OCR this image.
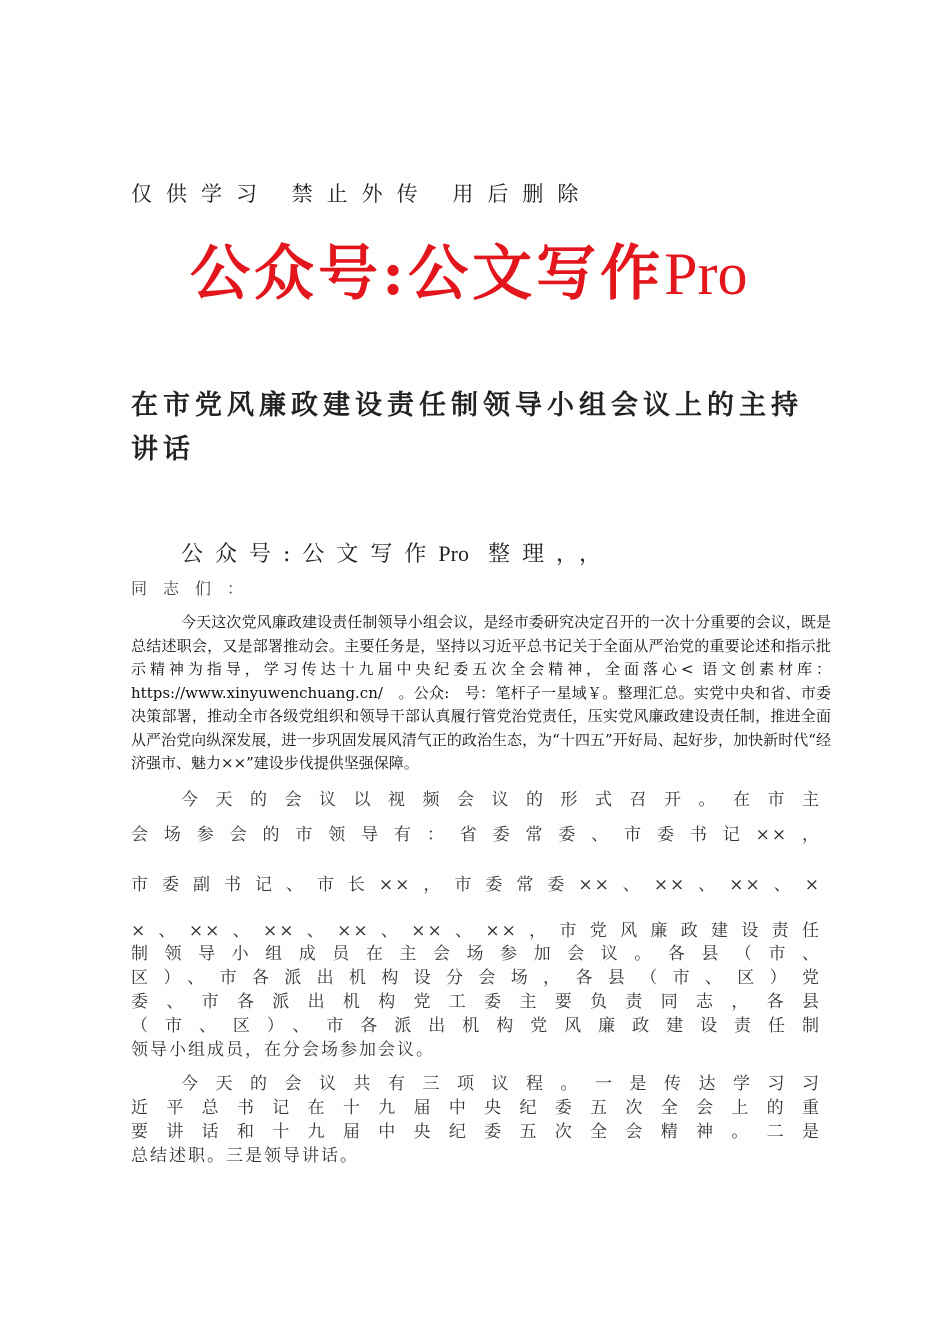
仅供学习 禁止外传 用后删除
公众号:公文写作Pro
在市党风廉政建设责任制领导小组会议上的主持讲话
公众号:公文写作Pro 整理，，
同志们：
今天这次党风廉政建设责任制领导小组会议，是经市委研究决定召开的一次十分重要的会议，既是总结述职会，又是部署推动会。主要任务是，坚持以习近平总书记关于全面从严治党的重要论述和指示批示精神为指导，学习传达十九届中央纪委五次全会精神，全面落心< 语文创素材库：https://www.xinyuwenchuang.cn/　。公众:　号：笔杆子一星域￥。整理汇总。实党中央和省、市委决策部署，推动全市各级党组织和领导干部认真履行管党治党责任，压实党风廉政建设责任制，推进全面从严治党向纵深发展，进一步巩固发展风清气正的政治生态，为“十四五”开好局、起好步，加快新时代“经济强市、魅力××”建设步伐提供坚强保障。
今天的会议以视频会议的形式召开。在市主
会场参会的市领导有：省委常委、市委书记××，
市委副书记、市长××，市委常委××、××、××、×
×、××、××、××、××、××，市党风廉政建设责任
制领导小组成员在主会场参加会议。各县（市、
区）、市各派出机构设分会场，各县（市、区）党
委、市各派出机构党工委主要负责同志，各县
（市、区）、市各派出机构党风廉政建设责任制
领导小组成员，在分会场参加会议。
今天的会议共有三项议程。一是传达学习习
近平总书记在十九届中央纪委五次全会上的重
要讲话和十九届中央纪委五次全会精神。二是
总结述职。三是领导讲话。
